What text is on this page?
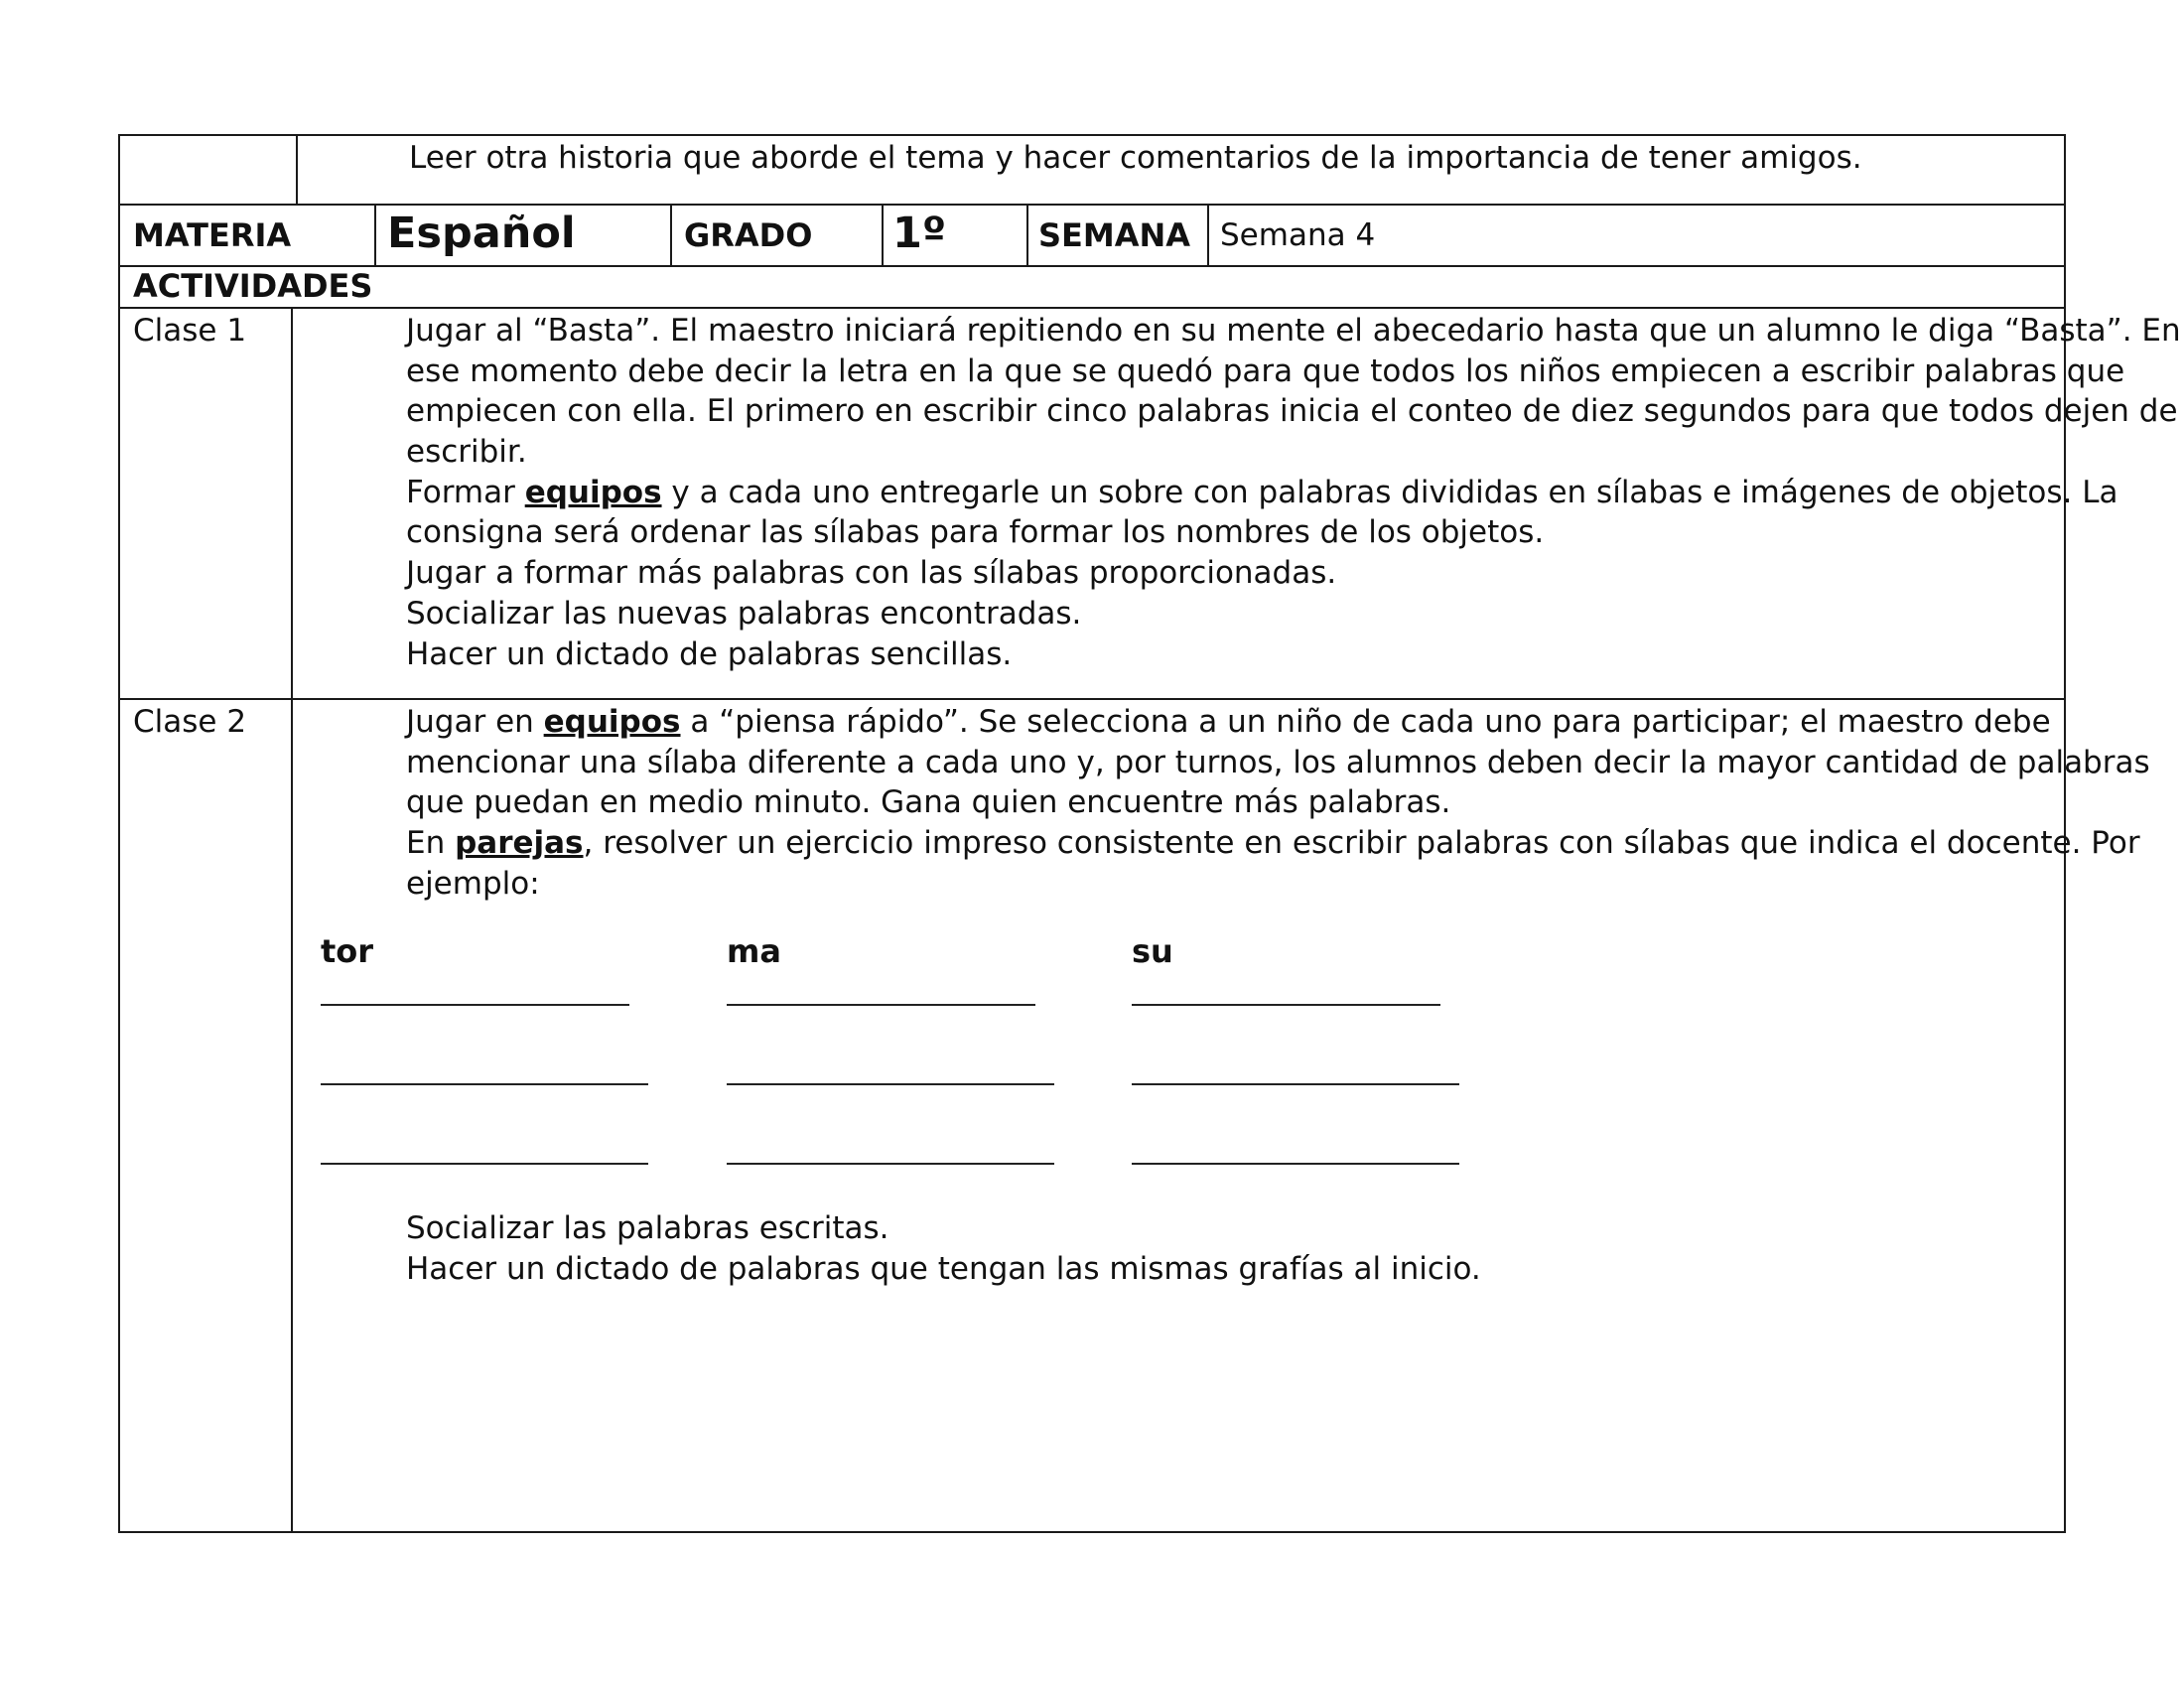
Leer otra historia que aborde el tema y hacer comentarios de la importancia de tener amigos.
MATERIA Español	GRADO 1º	SEMANA Semana 4
ACTIVIDADES
Clase 1	Jugar al “Basta”. El maestro iniciará repitiendo en su mente el abecedario hasta que un alumno le diga “Basta”. En
ese momento debe decir la letra en la que se quedó para que todos los niños empiecen a escribir palabras que
empiecen con ella. El primero en escribir cinco palabras inicia el conteo de diez segundos para que todos dejen de
escribir.
Formar equipos y a cada uno entregarle un sobre con palabras divididas en sílabas e imágenes de objetos. La
consigna será ordenar las sílabas para formar los nombres de los objetos.
Jugar a formar más palabras con las sílabas proporcionadas.
Socializar las nuevas palabras encontradas.
Hacer un dictado de palabras sencillas.
Clase 2	Jugar en equipos a “piensa rápido”. Se selecciona a un niño de cada uno para participar; el maestro debe
mencionar una sílaba diferente a cada uno y, por turnos, los alumnos deben decir la mayor cantidad de palabras
que puedan en medio minuto. Gana quien encuentre más palabras.
En parejas, resolver un ejercicio impreso consistente en escribir palabras con sílabas que indica el docente. Por
ejemplo:
tor	ma	su
Socializar las palabras escritas.
Hacer un dictado de palabras que tengan las mismas grafías al inicio.
